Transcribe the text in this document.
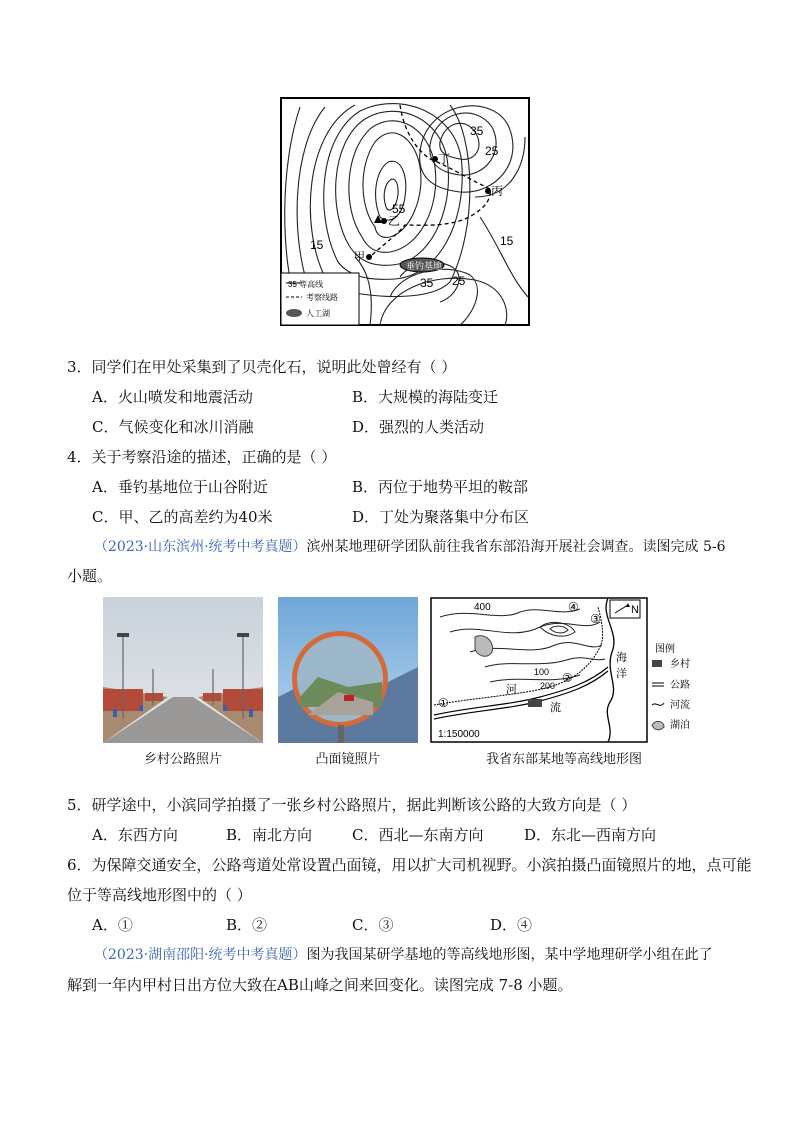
垂钓基地
丁
丙
乙
甲
35
25
55
15	15
35 25
35 等高线
考察线路
人工湖
3．同学们在甲处采集到了贝壳化石，说明此处曾经有（ ）
A．火山喷发和地震活动	B．大规模的海陆变迁
C．气候变化和冰川消融	D．强烈的人类活动
4．关于考察沿途的描述，正确的是（ ）
A．垂钓基地位于山谷附近	B．丙位于地势平坦的鞍部
C．甲、乙的高差约为40米	D．丁处为聚落集中分布区
（2023·山东滨州·统考中考真题）滨州某地理研学团队前往我省东部沿海开展社会调查。读图完成 5-6
小题。
乡村公路照片	凸面镜照片
N
400
海
洋
河
流
100
200
1:150000
①
②
③
④
图例
乡村
公路
河流
湖泊
我省东部某地等高线地形图
5．研学途中，小滨同学拍摄了一张乡村公路照片，据此判断该公路的大致方向是（ ）
A．东西方向	B．南北方向	C．西北—东南方向	D．东北—西南方向
6．为保障交通安全，公路弯道处常设置凸面镜，用以扩大司机视野。小滨拍摄凸面镜照片的地，点可能
位于等高线地形图中的（ ）
A．①	B．②	C．③	D．④
（2023·湖南邵阳·统考中考真题）图为我国某研学基地的等高线地形图，某中学地理研学小组在此了
解到一年内甲村日出方位大致在AB山峰之间来回变化。读图完成 7-8 小题。
